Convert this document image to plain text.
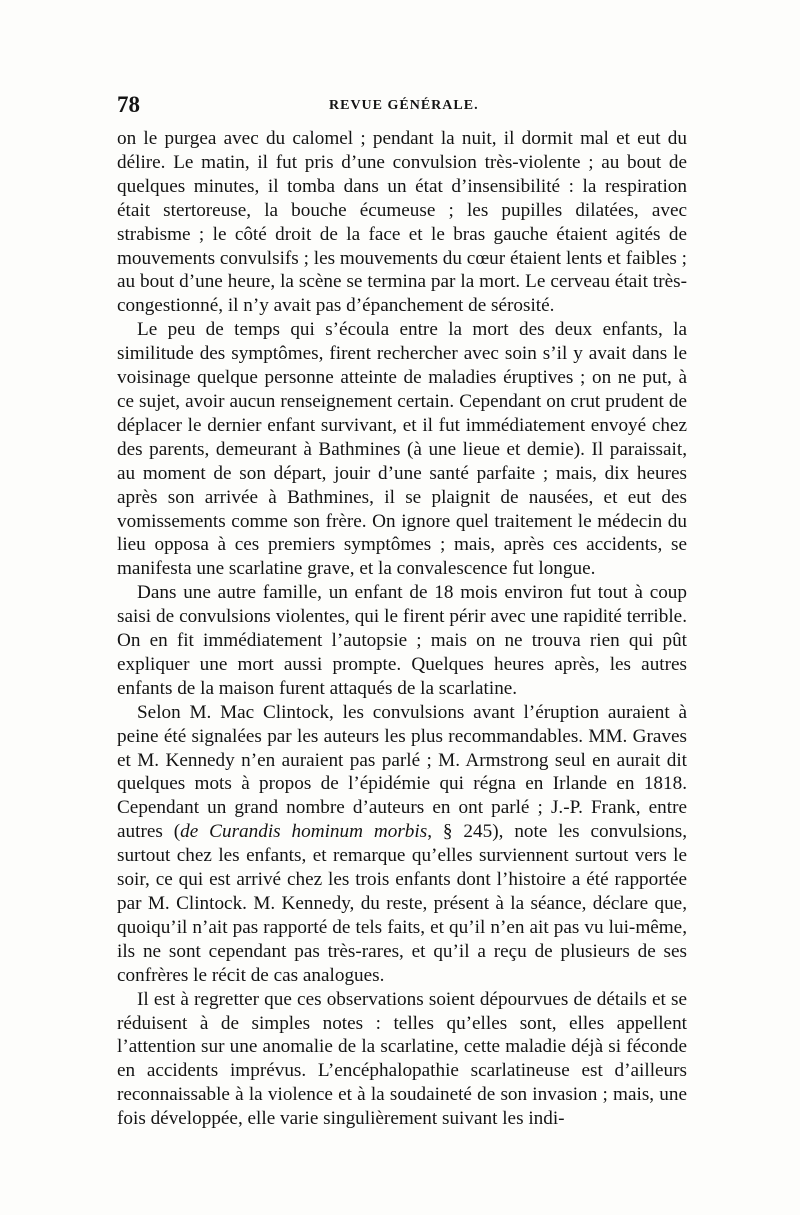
78	REVUE GÉNÉRALE.

on le purgea avec du calomel ; pendant la nuit, il dormit mal et eut du délire. Le matin, il fut pris d’une convulsion très-violente ; au bout de quelques minutes, il tomba dans un état d’insensibilité : la respiration était stertoreuse, la bouche écumeuse ; les pupilles dilatées, avec strabisme ; le côté droit de la face et le bras gauche étaient agités de mouvements convulsifs ; les mouvements du cœur étaient lents et faibles ; au bout d’une heure, la scène se termina par la mort. Le cerveau était très-congestionné, il n’y avait pas d’épanchement de sérosité.

Le peu de temps qui s’écoula entre la mort des deux enfants, la similitude des symptômes, firent rechercher avec soin s’il y avait dans le voisinage quelque personne atteinte de maladies éruptives ; on ne put, à ce sujet, avoir aucun renseignement certain. Cependant on crut prudent de déplacer le dernier enfant survivant, et il fut immédiatement envoyé chez des parents, demeurant à Bathmines (à une lieue et demie). Il paraissait, au moment de son départ, jouir d’une santé parfaite ; mais, dix heures après son arrivée à Bathmines, il se plaignit de nausées, et eut des vomissements comme son frère. On ignore quel traitement le médecin du lieu opposa à ces premiers symptômes ; mais, après ces accidents, se manifesta une scarlatine grave, et la convalescence fut longue.

Dans une autre famille, un enfant de 18 mois environ fut tout à coup saisi de convulsions violentes, qui le firent périr avec une rapidité terrible. On en fit immédiatement l’autopsie ; mais on ne trouva rien qui pût expliquer une mort aussi prompte. Quelques heures après, les autres enfants de la maison furent attaqués de la scarlatine.

Selon M. Mac Clintock, les convulsions avant l’éruption auraient à peine été signalées par les auteurs les plus recommandables. MM. Graves et M. Kennedy n’en auraient pas parlé ; M. Armstrong seul en aurait dit quelques mots à propos de l’épidémie qui régna en Irlande en 1818. Cependant un grand nombre d’auteurs en ont parlé ; J.-P. Frank, entre autres (de Curandis hominum morbis, § 245), note les convulsions, surtout chez les enfants, et remarque qu’elles surviennent surtout vers le soir, ce qui est arrivé chez les trois enfants dont l’histoire a été rapportée par M. Clintock. M. Kennedy, du reste, présent à la séance, déclare que, quoiqu’il n’ait pas rapporté de tels faits, et qu’il n’en ait pas vu lui-même, ils ne sont cependant pas très-rares, et qu’il a reçu de plusieurs de ses confrères le récit de cas analogues.

Il est à regretter que ces observations soient dépourvues de détails et se réduisent à de simples notes : telles qu’elles sont, elles appellent l’attention sur une anomalie de la scarlatine, cette maladie déjà si féconde en accidents imprévus. L’encéphalopathie scarlatineuse est d’ailleurs reconnaissable à la violence et à la soudaineté de son invasion ; mais, une fois développée, elle varie singulièrement suivant les indi-
